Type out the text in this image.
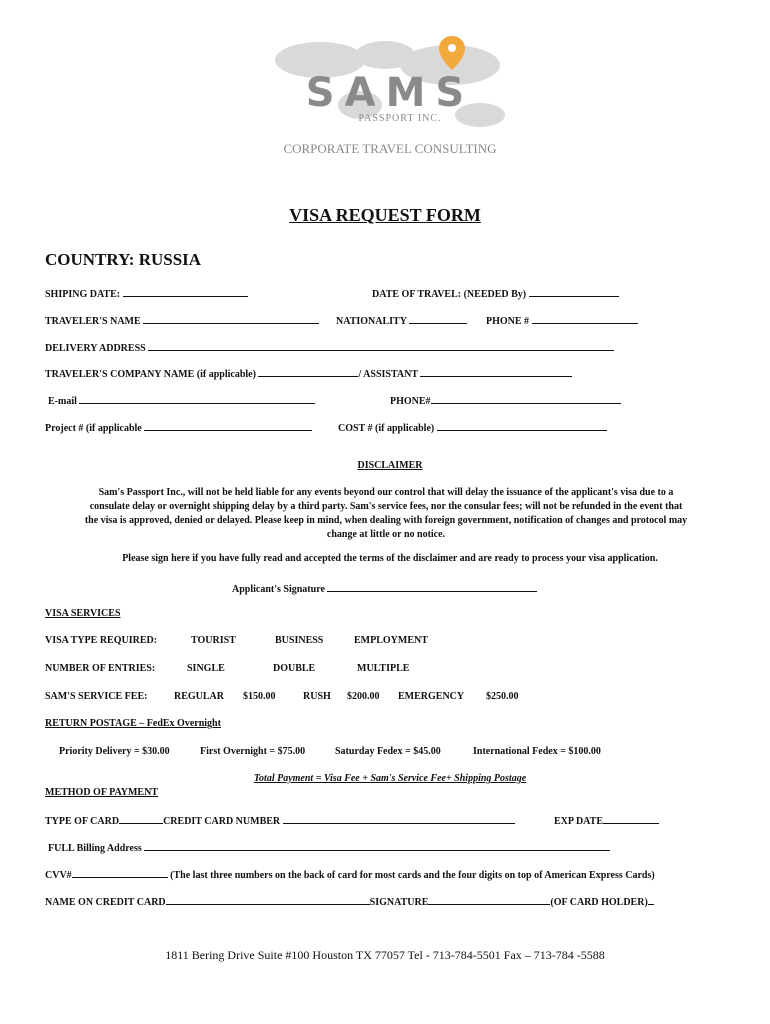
SAMS
PASSPORT INC.
CORPORATE TRAVEL CONSULTING
VISA REQUEST FORM
COUNTRY: RUSSIA
SHIPING DATE:	DATE OF TRAVEL: (NEEDED By)
TRAVELER'S NAME	NATIONALITY	PHONE #
DELIVERY ADDRESS
TRAVELER'S COMPANY NAME (if applicable)	/ ASSISTANT
E-mail	PHONE#
Project # (if applicable	COST # (if applicable)
DISCLAIMER
Sam's Passport Inc., will not be held liable for any events beyond our control that will delay the issuance of the applicant's visa due to a
consulate delay or overnight shipping delay by a third party. Sam's service fees, nor the consular fees; will not be refunded in the event that
the visa is approved, denied or delayed. Please keep in mind, when dealing with foreign government, notification of changes and protocol may
change at little or no notice.
Please sign here if you have fully read and accepted the terms of the disclaimer and are ready to process your visa application.
Applicant's Signature
VISA SERVICES
VISA TYPE REQUIRED:	TOURIST	BUSINESS	EMPLOYMENT
NUMBER OF ENTRIES:	SINGLE	DOUBLE	MULTIPLE
SAM'S SERVICE FEE:	REGULAR $150.00	RUSH $200.00 EMERGENCY $250.00
RETURN POSTAGE – FedEx Overnight
Priority Delivery = $30.00	First Overnight = $75.00	Saturday Fedex = $45.00	International Fedex = $100.00
Total Payment = Visa Fee + Sam's Service Fee+ Shipping Postage
METHOD OF PAYMENT
TYPE OF CARD	CREDIT CARD NUMBER	EXP DATE
FULL Billing Address
CVV#	(The last three numbers on the back of card for most cards and the four digits on top of American Express Cards)
NAME ON CREDIT CARD	SIGNATURE	(OF CARD HOLDER)
1811 Bering Drive Suite #100 Houston TX 77057 Tel - 713-784-5501 Fax – 713-784 -5588
